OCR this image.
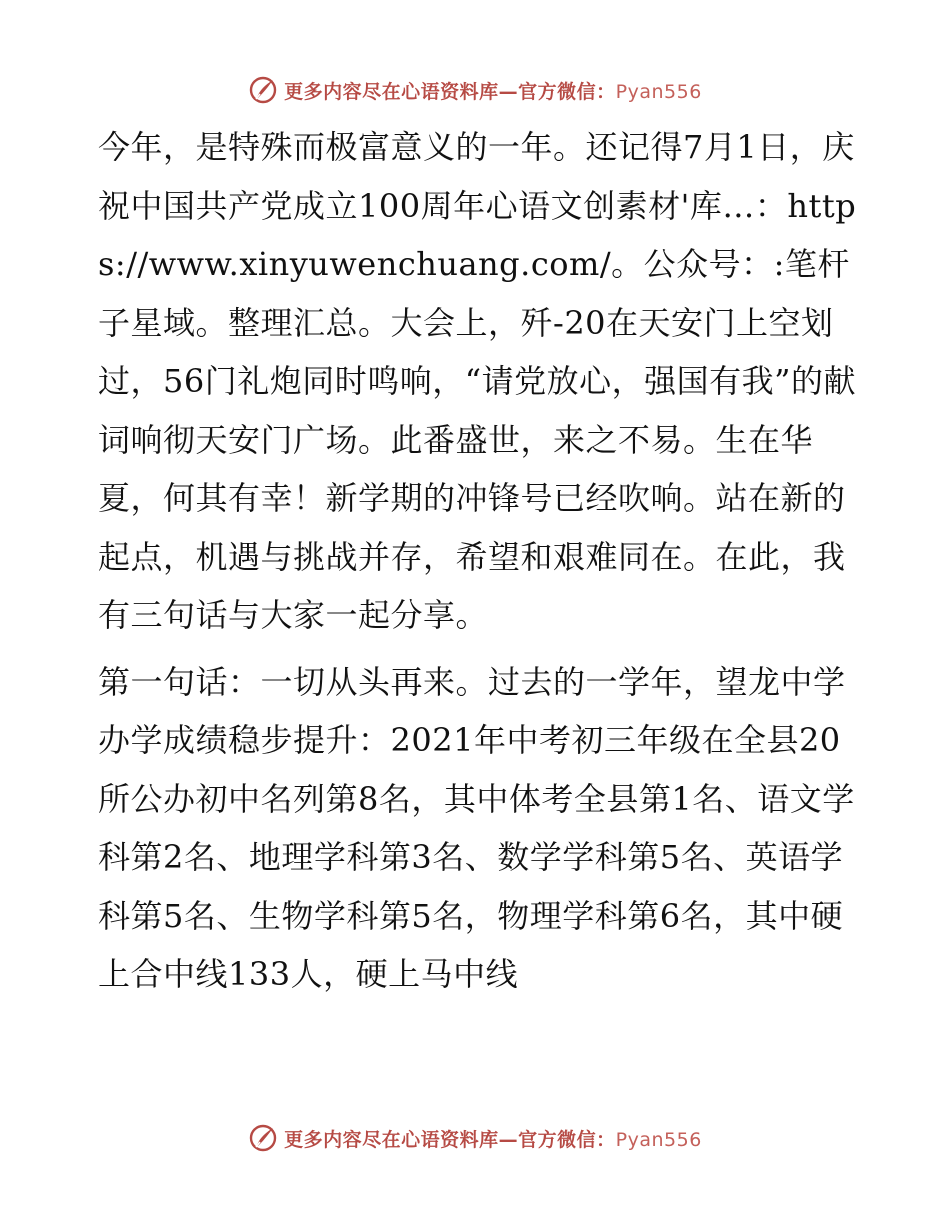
更多内容尽在心语资料库—官方微信：Pyan556

今年，是特殊而极富意义的一年。还记得7月1日，庆祝中国共产党成立100周年心语文创素材'库…：https://www.xinyuwenchuang.com/。公众号：:笔杆子星域。整理汇总。大会上，歼-20在天安门上空划过，56门礼炮同时鸣响，“请党放心，强国有我”的献词响彻天安门广场。此番盛世，来之不易。生在华夏，何其有幸！新学期的冲锋号已经吹响。站在新的起点，机遇与挑战并存，希望和艰难同在。在此，我有三句话与大家一起分享。

第一句话：一切从头再来。过去的一学年，望龙中学办学成绩稳步提升：2021年中考初三年级在全县20所公办初中名列第8名，其中体考全县第1名、语文学科第2名、地理学科第3名、数学学科第5名、英语学科第5名、生物学科第5名，物理学科第6名，其中硬上合中线133人，硬上马中线

更多内容尽在心语资料库—官方微信：Pyan556
